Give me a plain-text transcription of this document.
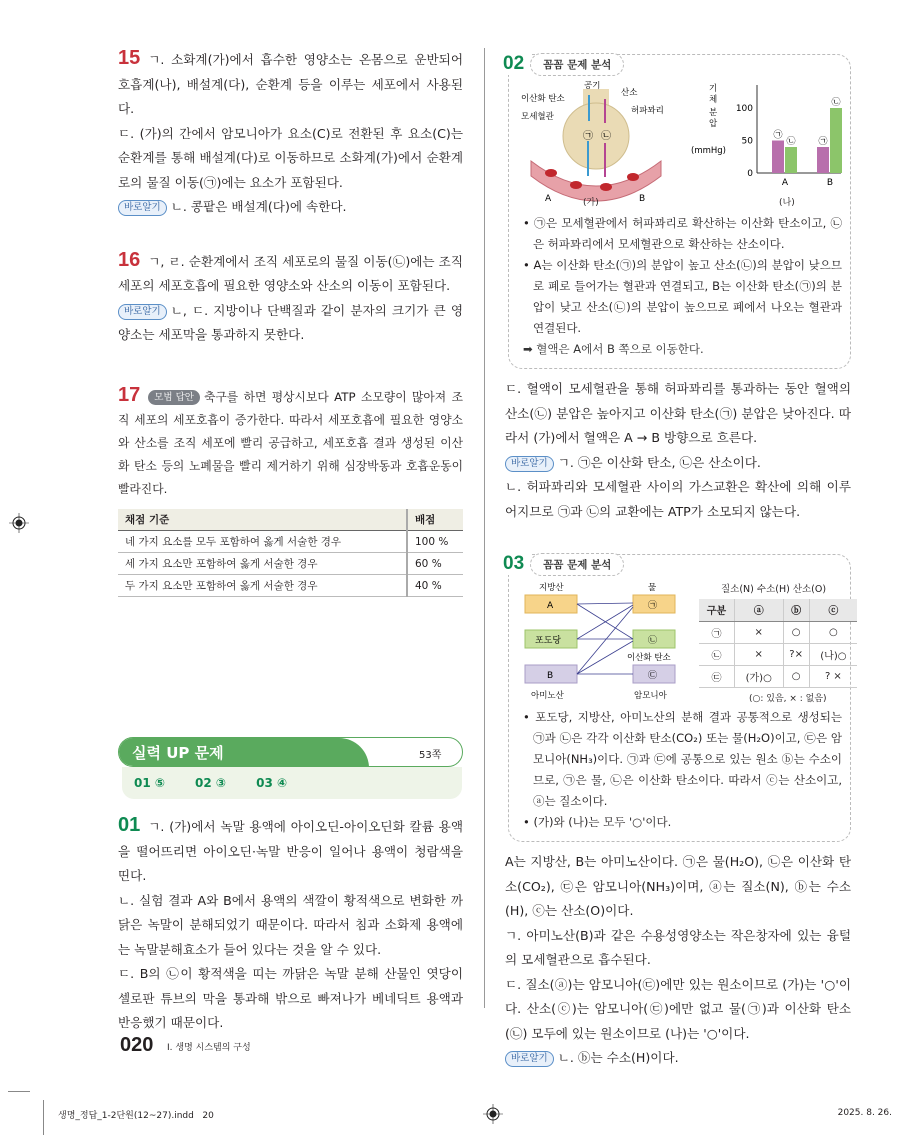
15 ㄱ. 소화계(가)에서 흡수한 영양소는 온몸으로 운반되어 호흡계(나), 배설계(다), 순환계 등을 이루는 세포에서 사용된다.
ㄷ. (가)의 간에서 암모니아가 요소(C)로 전환된 후 요소(C)는 순환계를 통해 배설계(다)로 이동하므로 소화계(가)에서 순환계로의 물질 이동(㉠)에는 요소가 포함된다.
바로알기 ㄴ. 콩팥은 배설계(다)에 속한다.
16 ㄱ, ㄹ. 순환계에서 조직 세포로의 물질 이동(㉡)에는 조직 세포의 세포호흡에 필요한 영양소와 산소의 이동이 포함된다.
바로알기 ㄴ, ㄷ. 지방이나 단백질과 같이 분자의 크기가 큰 영양소는 세포막을 통과하지 못한다.
17 모범 답안 축구를 하면 평상시보다 ATP 소모량이 많아져 조직 세포의 세포호흡이 증가한다. 따라서 세포호흡에 필요한 영양소와 산소를 조직 세포에 빨리 공급하고, 세포호흡 결과 생성된 이산화 탄소 등의 노폐물을 빨리 제거하기 위해 심장박동과 호흡운동이 빨라진다.
채점 기준	배점
네 가지 요소를 모두 포함하여 옳게 서술한 경우	100 %
세 가지 요소만 포함하여 옳게 서술한 경우	60 %
두 가지 요소만 포함하여 옳게 서술한 경우	40 %
실력 UP 문제	53쪽
01 ⑤	02 ③	03 ④
01 ㄱ. (가)에서 녹말 용액에 아이오딘-아이오딘화 칼륨 용액을 떨어뜨리면 아이오딘·녹말 반응이 일어나 용액이 청람색을 띤다.
ㄴ. 실험 결과 A와 B에서 용액의 색깔이 황적색으로 변화한 까닭은 녹말이 분해되었기 때문이다. 따라서 침과 소화제 용액에는 녹말분해효소가 들어 있다는 것을 알 수 있다.
ㄷ. B의 ㉡이 황적색을 띠는 까닭은 녹말 분해 산물인 엿당이 셀로판 튜브의 막을 통과해 밖으로 빠져나가 베네딕트 용액과 반응했기 때문이다.
02	꼼꼼 문제 분석
이산화 탄소
공기
산소
모세혈관
허파꽈리
㉠ ㉡
A	B
(가)
기
체
분
압
(mmHg)
0
50
100
㉠
㉡
A
㉠
㉡
B
(나)
• ㉠은 모세혈관에서 허파꽈리로 확산하는 이산화 탄소이고, ㉡은 허파꽈리에서 모세혈관으로 확산하는 산소이다.
• A는 이산화 탄소(㉠)의 분압이 높고 산소(㉡)의 분압이 낮으므로 폐로 들어가는 혈관과 연결되고, B는 이산화 탄소(㉠)의 분압이 낮고 산소(㉡)의 분압이 높으므로 폐에서 나오는 혈관과 연결된다.
➡ 혈액은 A에서 B 쪽으로 이동한다.
ㄷ. 혈액이 모세혈관을 통해 허파꽈리를 통과하는 동안 혈액의 산소(㉡) 분압은 높아지고 이산화 탄소(㉠) 분압은 낮아진다. 따라서 (가)에서 혈액은 A → B 방향으로 흐른다.
바로알기 ㄱ. ㉠은 이산화 탄소, ㉡은 산소이다.
ㄴ. 허파꽈리와 모세혈관 사이의 가스교환은 확산에 의해 이루어지므로 ㉠과 ㉡의 교환에는 ATP가 소모되지 않는다.
03	꼼꼼 문제 분석
지방산
A
포도당
B
아미노산
물
㉠
㉡
이산화 탄소
㉢
암모니아
질소(N) 수소(H) 산소(O)
구분	ⓐ	ⓑ	ⓒ
㉠	×	○	○
㉡	×	?×	(나)○
㉢	(가)○	○	? ×
(○: 있음, × : 없음)
• 포도당, 지방산, 아미노산의 분해 결과 공통적으로 생성되는 ㉠과 ㉡은 각각 이산화 탄소(CO₂) 또는 물(H₂O)이고, ㉢은 암모니아(NH₃)이다. ㉠과 ㉢에 공통으로 있는 원소 ⓑ는 수소이므로, ㉠은 물, ㉡은 이산화 탄소이다. 따라서 ⓒ는 산소이고, ⓐ는 질소이다.
• (가)와 (나)는 모두 '○'이다.
A는 지방산, B는 아미노산이다. ㉠은 물(H₂O), ㉡은 이산화 탄소(CO₂), ㉢은 암모니아(NH₃)이며, ⓐ는 질소(N), ⓑ는 수소(H), ⓒ는 산소(O)이다.
ㄱ. 아미노산(B)과 같은 수용성영양소는 작은창자에 있는 융털의 모세혈관으로 흡수된다.
ㄷ. 질소(ⓐ)는 암모니아(㉢)에만 있는 원소이므로 (가)는 '○'이다. 산소(ⓒ)는 암모니아(㉢)에만 없고 물(㉠)과 이산화 탄소(㉡) 모두에 있는 원소이므로 (나)는 '○'이다.
바로알기 ㄴ. ⓑ는 수소(H)이다.
020 I. 생명 시스템의 구성
생명_정답_1-2단원(12~27).indd   20	2025. 8. 26.
